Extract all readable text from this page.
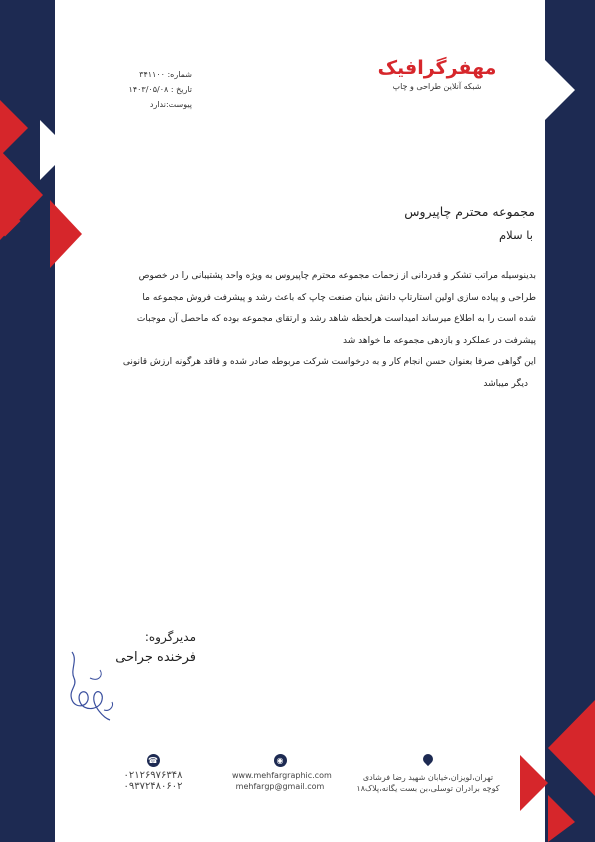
مهفرگرافیک
شبکه آنلاین طراحی و چاپ
شماره: ۳۴۱۱۰۰
تاریخ : ۱۴۰۳/۰۵/۰۸
پیوست:ندارد
مجموعه محترم چاپیروس
با سلام

بدینوسیله مراتب تشکر و قدردانی از زحمات مجموعه محترم چاپیروس به ویژه واحد پشتیبانی را در خصوص

طراحی و پیاده سازی اولین استارتاپ دانش بنیان صنعت چاپ که باعث رشد و پیشرفت فروش مجموعه ما

شده است را به اطلاع میرساند امیداست هرلحظه شاهد رشد و ارتقای مجموعه بوده که ماحصل آن موجبات

پیشرفت در عملکرد و بازدهی مجموعه ما خواهد شد

این گواهی صرفا بعنوان حسن انجام کار و به درخواست شرکت مربوطه صادر شده و فاقد هرگونه ارزش قانونی

دیگر میباشد

مدیرگروه:
فرخنده جراحی
☎
۰۲۱۲۶۹۷۶۳۴۸
۰۹۳۷۲۴۸۰۶۰۲
◉
www.mehfargraphic.com
mehfargp@gmail.com
تهران،لویزان،خیابان شهید رضا فرشادی
کوچه برادران توسلی،بن بست یگانه،پلاک۱۸
